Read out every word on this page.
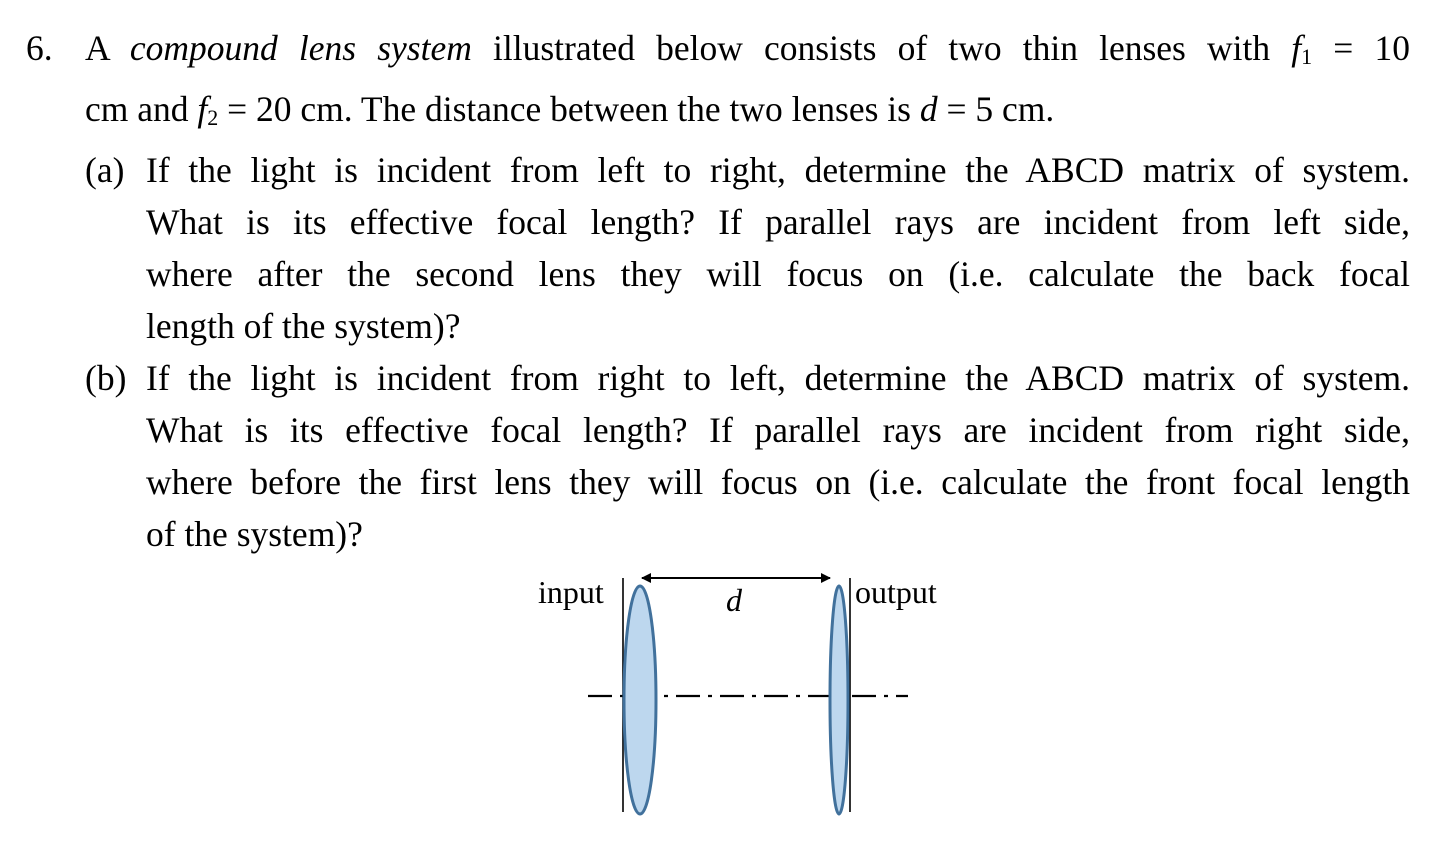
6. A compound lens system illustrated below consists of two thin lenses with $f_1 = 10$
cm and $f_2 = 20$ cm. The distance between the two lenses is d = 5 cm.
(a) If the light is incident from left to right, determine the ABCD matrix of system.
What is its effective focal length? If parallel rays are incident from left side,
where after the second lens they will focus on (i.e. calculate the back focal
length of the system)?
(b) If the light is incident from right to left, determine the ABCD matrix of system.
What is its effective focal length? If parallel rays are incident from right side,
where before the first lens they will focus on (i.e. calculate the front focal length
of the system)?
input	d	output
